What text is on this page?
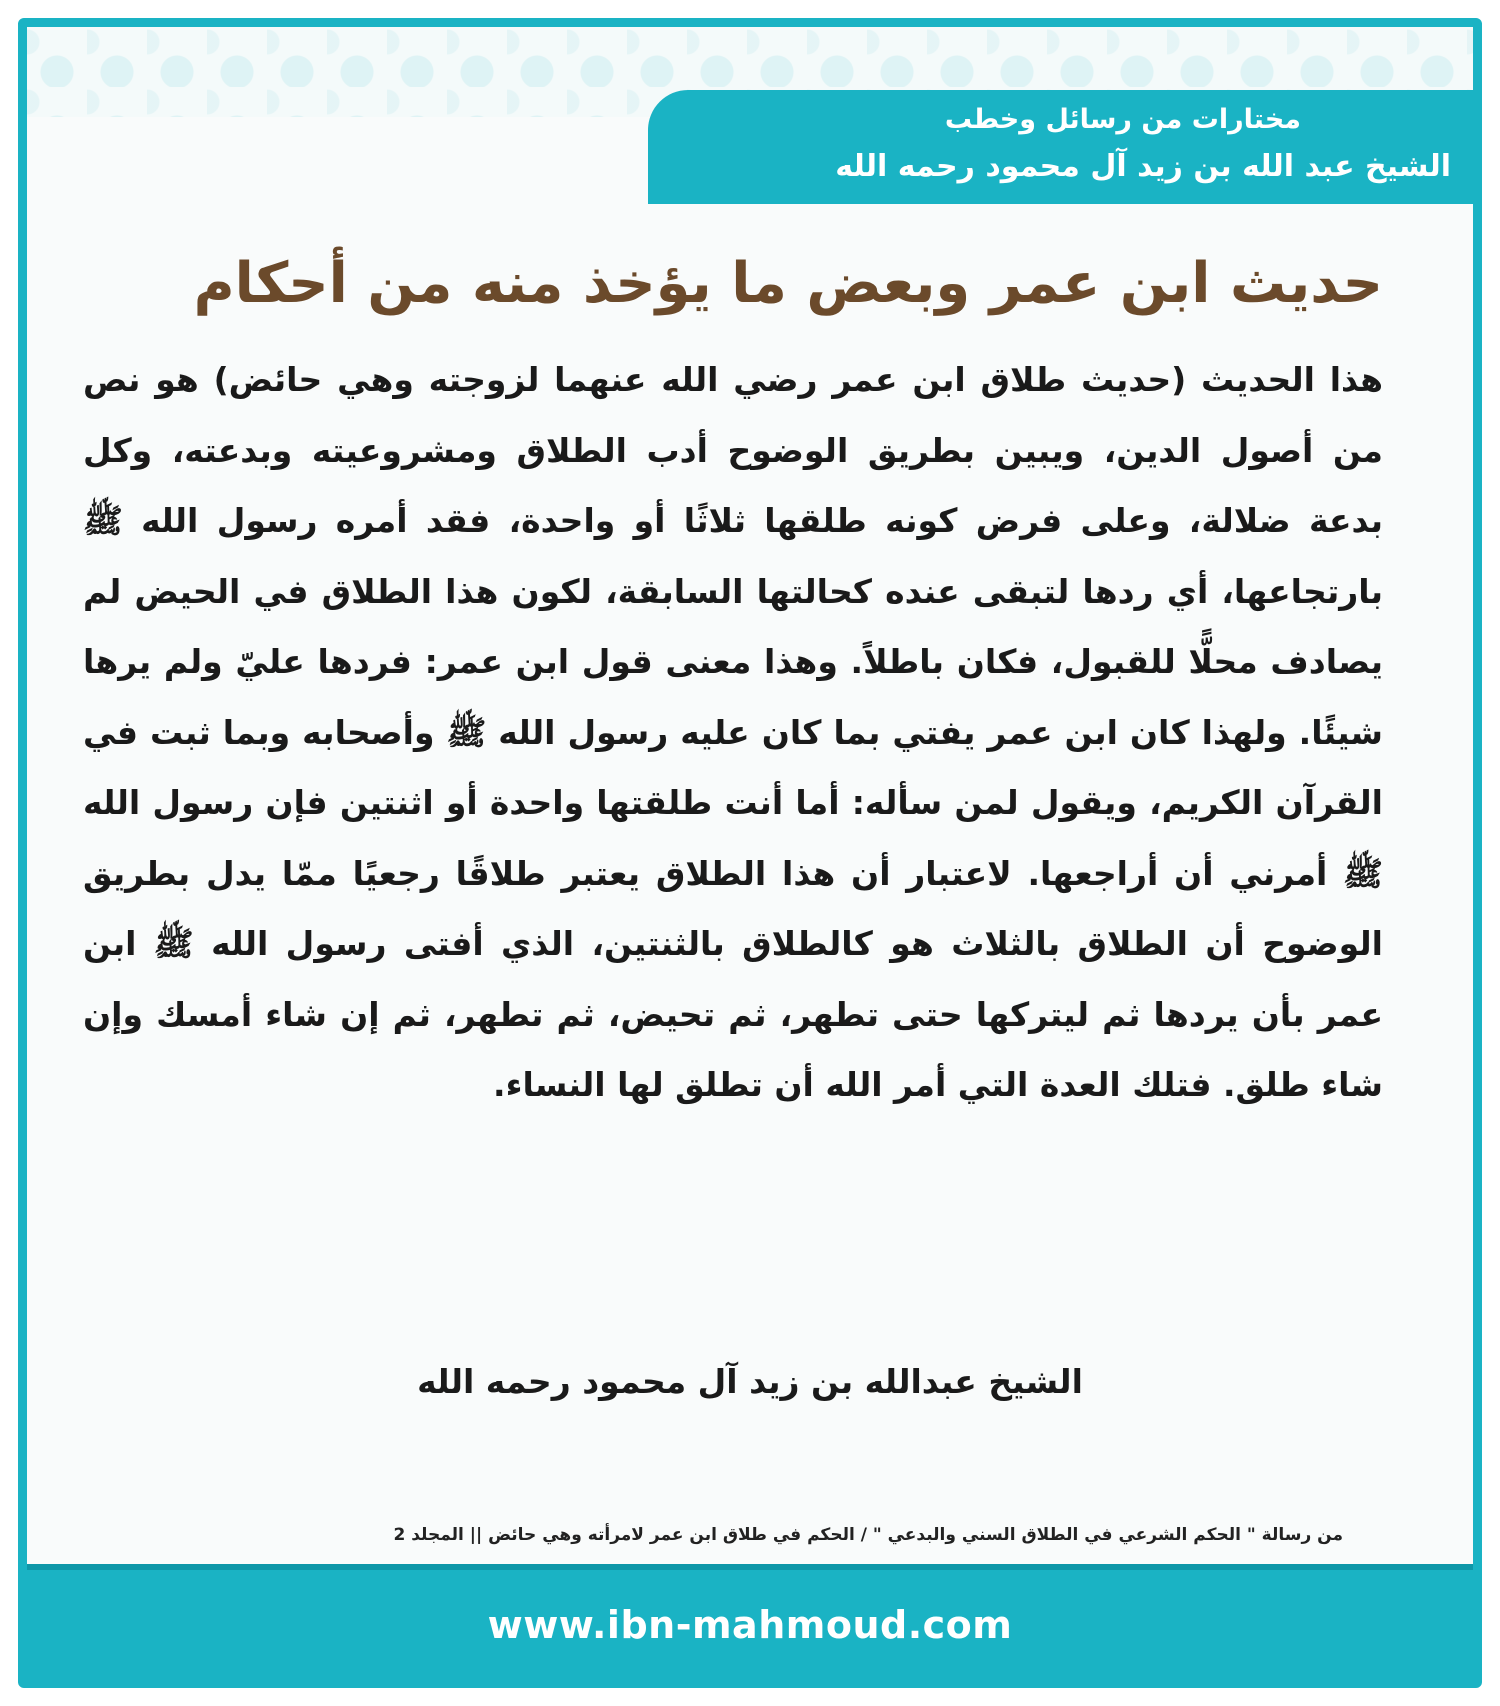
مختارات من رسائل وخطب
الشيخ عبد الله بن زيد آل محمود رحمه الله
حديث ابن عمر وبعض ما يؤخذ منه من أحكام

هذا الحديث (حديث طلاق ابن عمر رضي الله عنهما لزوجته وهي حائض) هو نص من أصول الدين، ويبين بطريق الوضوح أدب الطلاق ومشروعيته وبدعته، وكل بدعة ضلالة، وعلى فرض كونه طلقها ثلاثًا أو واحدة، فقد أمره رسول الله ﷺ بارتجاعها، أي ردها لتبقى عنده كحالتها السابقة، لكون هذا الطلاق في الحيض لم يصادف محلًّا للقبول، فكان باطلاً. وهذا معنى قول ابن عمر: فردها عليّ ولم يرها شيئًا. ولهذا كان ابن عمر يفتي بما كان عليه رسول الله ﷺ وأصحابه وبما ثبت في القرآن الكريم، ويقول لمن سأله: أما أنت طلقتها واحدة أو اثنتين فإن رسول الله ﷺ أمرني أن أراجعها. لاعتبار أن هذا الطلاق يعتبر طلاقًا رجعيًا ممّا يدل بطريق الوضوح أن الطلاق بالثلاث هو كالطلاق بالثنتين، الذي أفتى رسول الله ﷺ ابن عمر بأن يردها ثم ليتركها حتى تطهر، ثم تحيض، ثم تطهر، ثم إن شاء أمسك وإن شاء طلق. فتلك العدة التي أمر الله أن تطلق لها النساء.

الشيخ عبدالله بن زيد آل محمود رحمه الله
من رسالة " الحكم الشرعي في الطلاق السني والبدعي " / الحكم في طلاق ابن عمر لامرأته وهي حائض || المجلد 2
www.ibn-mahmoud.com
